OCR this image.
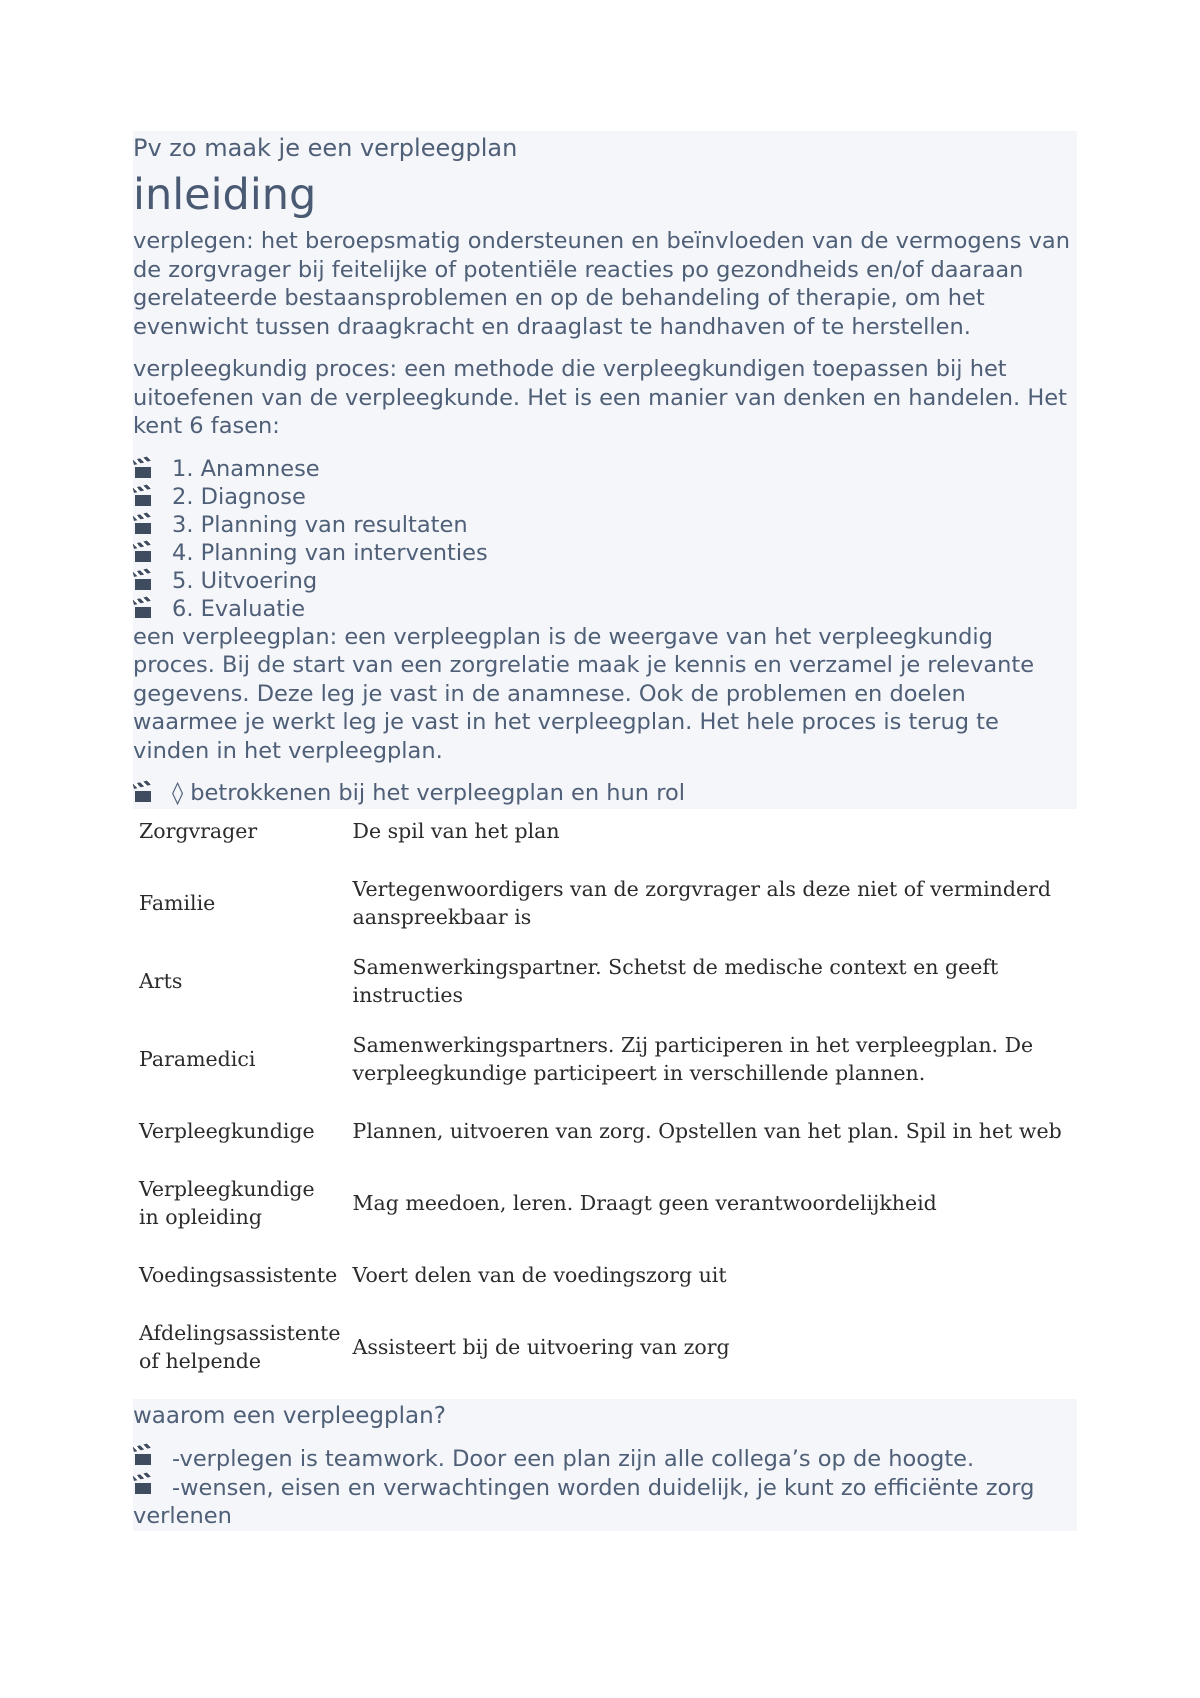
Pv zo maak je een verpleegplan
inleiding

verplegen: het beroepsmatig ondersteunen en beïnvloeden van de vermogens van de zorgvrager bij feitelijke of potentiële reacties po gezondheids en/of daaraan gerelateerde bestaansproblemen en op de behandeling of therapie, om het evenwicht tussen draagkracht en draaglast te handhaven of te herstellen.

verpleegkundig proces: een methode die verpleegkundigen toepassen bij het uitoefenen van de verpleegkunde. Het is een manier van denken en handelen. Het kent 6 fasen:

1. Anamnese
2. Diagnose
3. Planning van resultaten
4. Planning van interventies
5. Uitvoering
6. Evaluatie

een verpleegplan: een verpleegplan is de weergave van het verpleegkundig proces. Bij de start van een zorgrelatie maak je kennis en verzamel je relevante gegevens. Deze leg je vast in de anamnese. Ook de problemen en doelen waarmee je werkt leg je vast in het verpleegplan. Het hele proces is terug te vinden in het verpleegplan.

◊ betrokkenen bij het verpleegplan en hun rol
Zorgvrager	De spil van het plan
Familie	Vertegenwoordigers van de zorgvrager als deze niet of verminderd aanspreekbaar is
Arts	Samenwerkingspartner. Schetst de medische context en geeft instructies
Paramedici	Samenwerkingspartners. Zij participeren in het verpleegplan. De verpleegkundige participeert in verschillende plannen.
Verpleegkundige	Plannen, uitvoeren van zorg. Opstellen van het plan. Spil in het web
Verpleegkundige in opleiding	Mag meedoen, leren. Draagt geen verantwoordelijkheid
Voedingsassistente	Voert delen van de voedingszorg uit
Afdelingsassistente of helpende	Assisteert bij de uitvoering van zorg
waarom een verpleegplan?

-verplegen is teamwork. Door een plan zijn alle collega’s op de hoogte.

-wensen, eisen en verwachtingen worden duidelijk, je kunt zo efficiënte zorg verlenen
